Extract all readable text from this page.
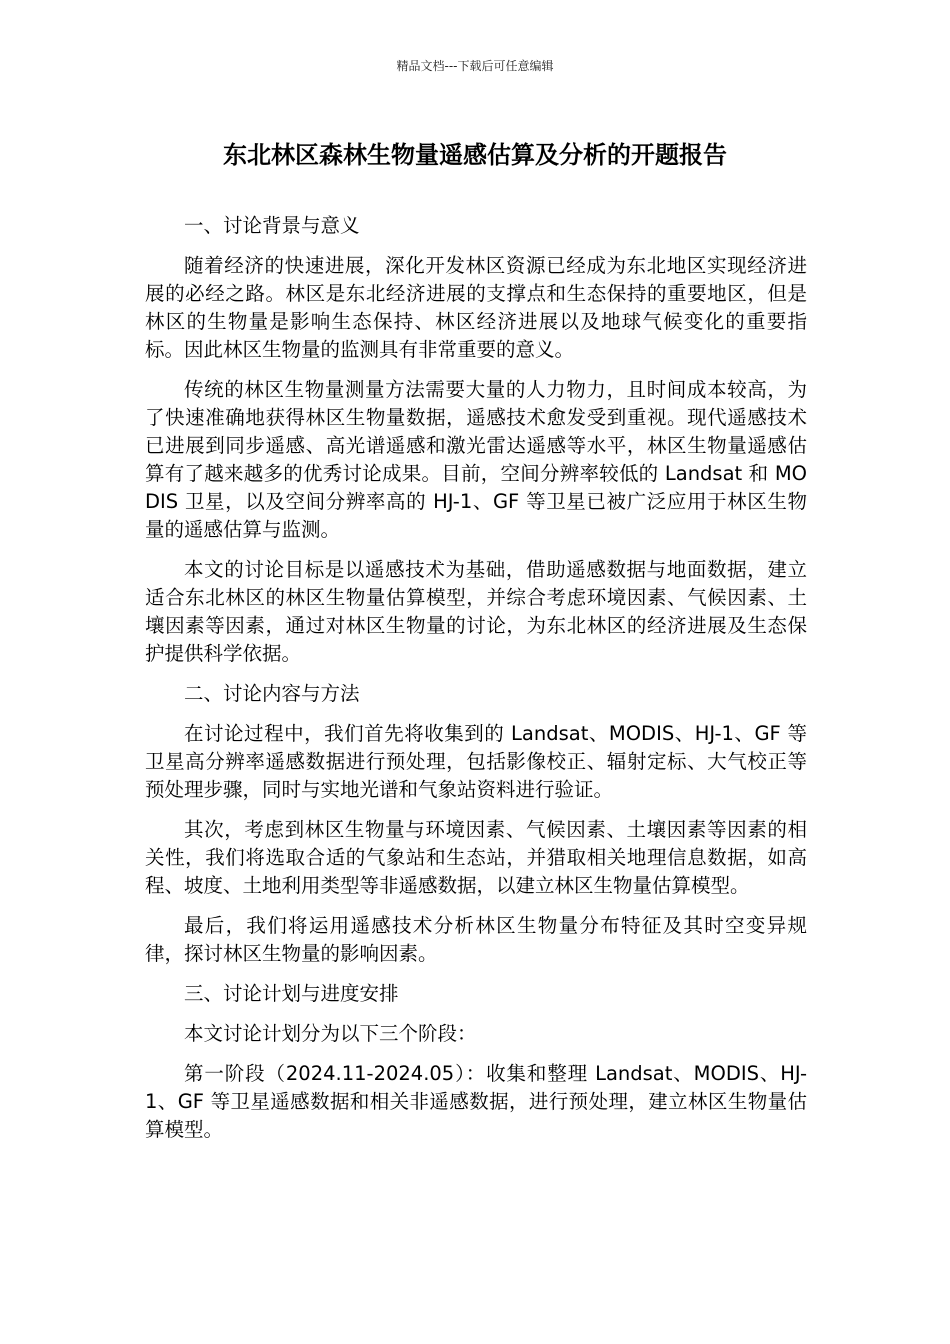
精品文档---下载后可任意编辑
东北林区森林生物量遥感估算及分析的开题报告

一、讨论背景与意义

随着经济的快速进展，深化开发林区资源已经成为东北地区实现经济进展的必经之路。林区是东北经济进展的支撑点和生态保持的重要地区，但是林区的生物量是影响生态保持、林区经济进展以及地球气候变化的重要指标。因此林区生物量的监测具有非常重要的意义。

传统的林区生物量测量方法需要大量的人力物力，且时间成本较高，为了快速准确地获得林区生物量数据，遥感技术愈发受到重视。现代遥感技术已进展到同步遥感、高光谱遥感和激光雷达遥感等水平，林区生物量遥感估算有了越来越多的优秀讨论成果。目前，空间分辨率较低的 Landsat 和 MODIS 卫星，以及空间分辨率高的 HJ-1、GF 等卫星已被广泛应用于林区生物量的遥感估算与监测。

本文的讨论目标是以遥感技术为基础，借助遥感数据与地面数据，建立适合东北林区的林区生物量估算模型，并综合考虑环境因素、气候因素、土壤因素等因素，通过对林区生物量的讨论，为东北林区的经济进展及生态保护提供科学依据。

二、讨论内容与方法

在讨论过程中，我们首先将收集到的 Landsat、MODIS、HJ-1、GF 等卫星高分辨率遥感数据进行预处理，包括影像校正、辐射定标、大气校正等预处理步骤，同时与实地光谱和气象站资料进行验证。

其次，考虑到林区生物量与环境因素、气候因素、土壤因素等因素的相关性，我们将选取合适的气象站和生态站，并猎取相关地理信息数据，如高程、坡度、土地利用类型等非遥感数据，以建立林区生物量估算模型。

最后，我们将运用遥感技术分析林区生物量分布特征及其时空变异规律，探讨林区生物量的影响因素。

三、讨论计划与进度安排

本文讨论计划分为以下三个阶段：

第一阶段（2024.11-2024.05）：收集和整理 Landsat、MODIS、HJ-1、GF 等卫星遥感数据和相关非遥感数据，进行预处理，建立林区生物量估算模型。
